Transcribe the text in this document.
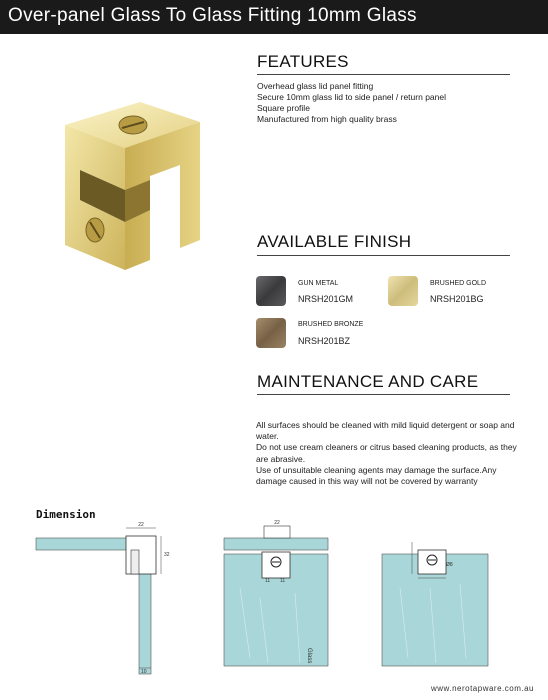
Over-panel Glass To Glass Fitting 10mm Glass
FEATURES
Overhead glass lid panel fitting
Secure 10mm glass lid to side panel / return panel
Square profile
Manufactured from high quality brass
AVAILABLE FINISH
GUN METAL
NRSH201GM
BRUSHED GOLD
NRSH201BG
BRUSHED BRONZE
NRSH201BZ
MAINTENANCE AND CARE

All surfaces should be cleaned with mild liquid detergent or soap and water.

Do not use cream cleaners or citrus based cleaning products, as they are abrasive.

Use of unsuitable cleaning agents may damage the surface.Any damage caused in this way will not be covered by warranty

Dimension
22
32
10
22
11 11
Glass
Ø8
www.nerotapware.com.au
